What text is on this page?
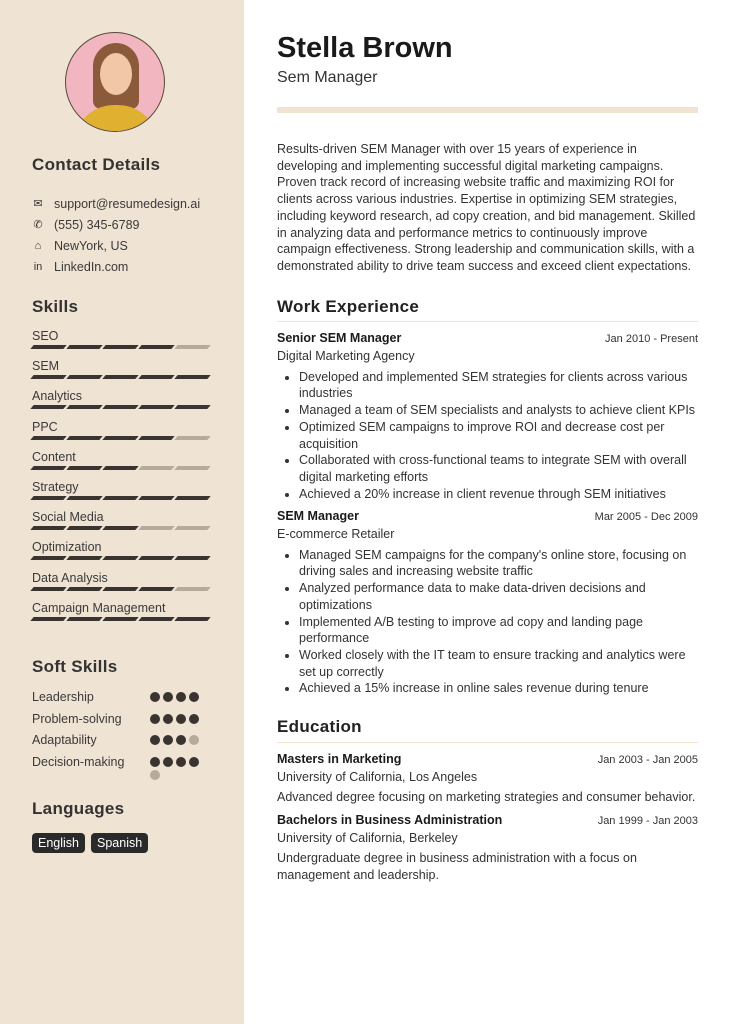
Contact Details
✉ support@resumedesign.ai
✆ (555) 345-6789
⌂ NewYork, US
in LinkedIn.com
Skills
SEO
SEM
Analytics
PPC
Content
Strategy
Social Media
Optimization
Data Analysis
Campaign Management
Soft Skills
Leadership
Problem-solving
Adaptability
Decision-making
Languages
English	Spanish
Stella Brown
Sem Manager

Results-driven SEM Manager with over 15 years of experience in developing and implementing successful digital marketing campaigns. Proven track record of increasing website traffic and maximizing ROI for clients across various industries. Expertise in optimizing SEM strategies, including keyword research, ad copy creation, and bid management. Skilled in analyzing data and performance metrics to continuously improve campaign effectiveness. Strong leadership and communication skills, with a demonstrated ability to drive team success and exceed client expectations.

Work Experience
Senior SEM Manager	Jan 2010 - Present
Digital Marketing Agency
• Developed and implemented SEM strategies for clients across various industries
• Managed a team of SEM specialists and analysts to achieve client KPIs
• Optimized SEM campaigns to improve ROI and decrease cost per acquisition
• Collaborated with cross-functional teams to integrate SEM with overall digital marketing efforts
• Achieved a 20% increase in client revenue through SEM initiatives
SEM Manager	Mar 2005 - Dec 2009
E-commerce Retailer
• Managed SEM campaigns for the company's online store, focusing on driving sales and increasing website traffic
• Analyzed performance data to make data-driven decisions and optimizations
• Implemented A/B testing to improve ad copy and landing page performance
• Worked closely with the IT team to ensure tracking and analytics were set up correctly
• Achieved a 15% increase in online sales revenue during tenure
Education
Masters in Marketing	Jan 2003 - Jan 2005
University of California, Los Angeles

Advanced degree focusing on marketing strategies and consumer behavior.

Bachelors in Business Administration	Jan 1999 - Jan 2003
University of California, Berkeley

Undergraduate degree in business administration with a focus on management and leadership.
